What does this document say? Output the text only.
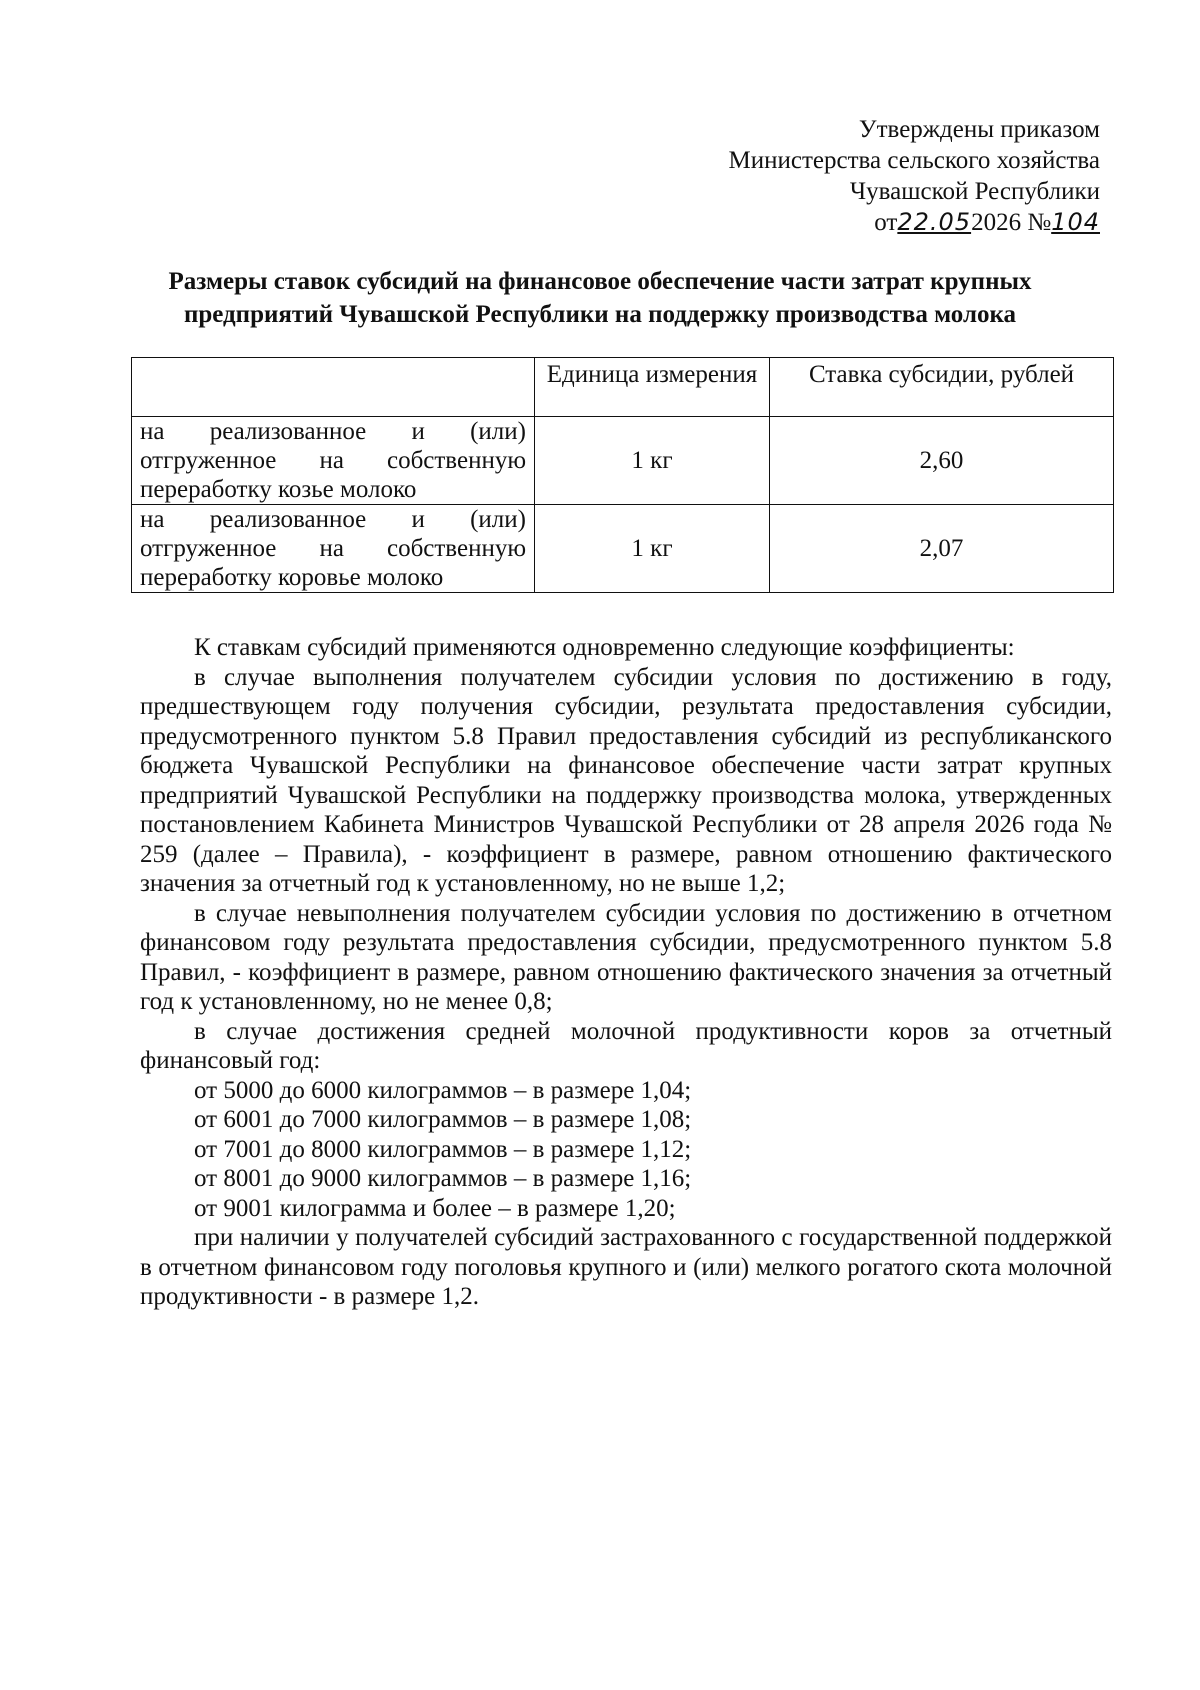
Утверждены приказом
Министерства сельского хозяйства
Чувашской Республики
от22.052026 №104
Размеры ставок субсидий на финансовое обеспечение части затрат крупных
предприятий Чувашской Республики на поддержку производства молока
	Единица измерения	Ставка субсидии, рублей
на реализованное и (или) отгруженное на собственную переработку козье молоко	1 кг	2,60
на реализованное и (или) отгруженное на собственную переработку коровье молоко	1 кг	2,07

К ставкам субсидий применяются одновременно следующие коэффициенты:

в случае выполнения получателем субсидии условия по достижению в году, предшествующем году получения субсидии, результата предоставления субсидии, предусмотренного пунктом 5.8 Правил предоставления субсидий из республиканского бюджета Чувашской Республики на финансовое обеспечение части затрат крупных предприятий Чувашской Республики на поддержку производства молока, утвержденных постановлением Кабинета Министров Чувашской Республики от 28 апреля 2026 года № 259 (далее – Правила), - коэффициент в размере, равном отношению фактического значения за отчетный год к установленному, но не выше 1,2;

в случае невыполнения получателем субсидии условия по достижению в отчетном финансовом году результата предоставления субсидии, предусмотренного пунктом 5.8 Правил, - коэффициент в размере, равном отношению фактического значения за отчетный год к установленному, но не менее 0,8;

в случае достижения средней молочной продуктивности коров за отчетный финансовый год:

от 5000 до 6000 килограммов – в размере 1,04;

от 6001 до 7000 килограммов – в размере 1,08;

от 7001 до 8000 килограммов – в размере 1,12;

от 8001 до 9000 килограммов – в размере 1,16;

от 9001 килограмма и более – в размере 1,20;

при наличии у получателей субсидий застрахованного с государственной поддержкой в отчетном финансовом году поголовья крупного и (или) мелкого рогатого скота молочной продуктивности - в размере 1,2.
